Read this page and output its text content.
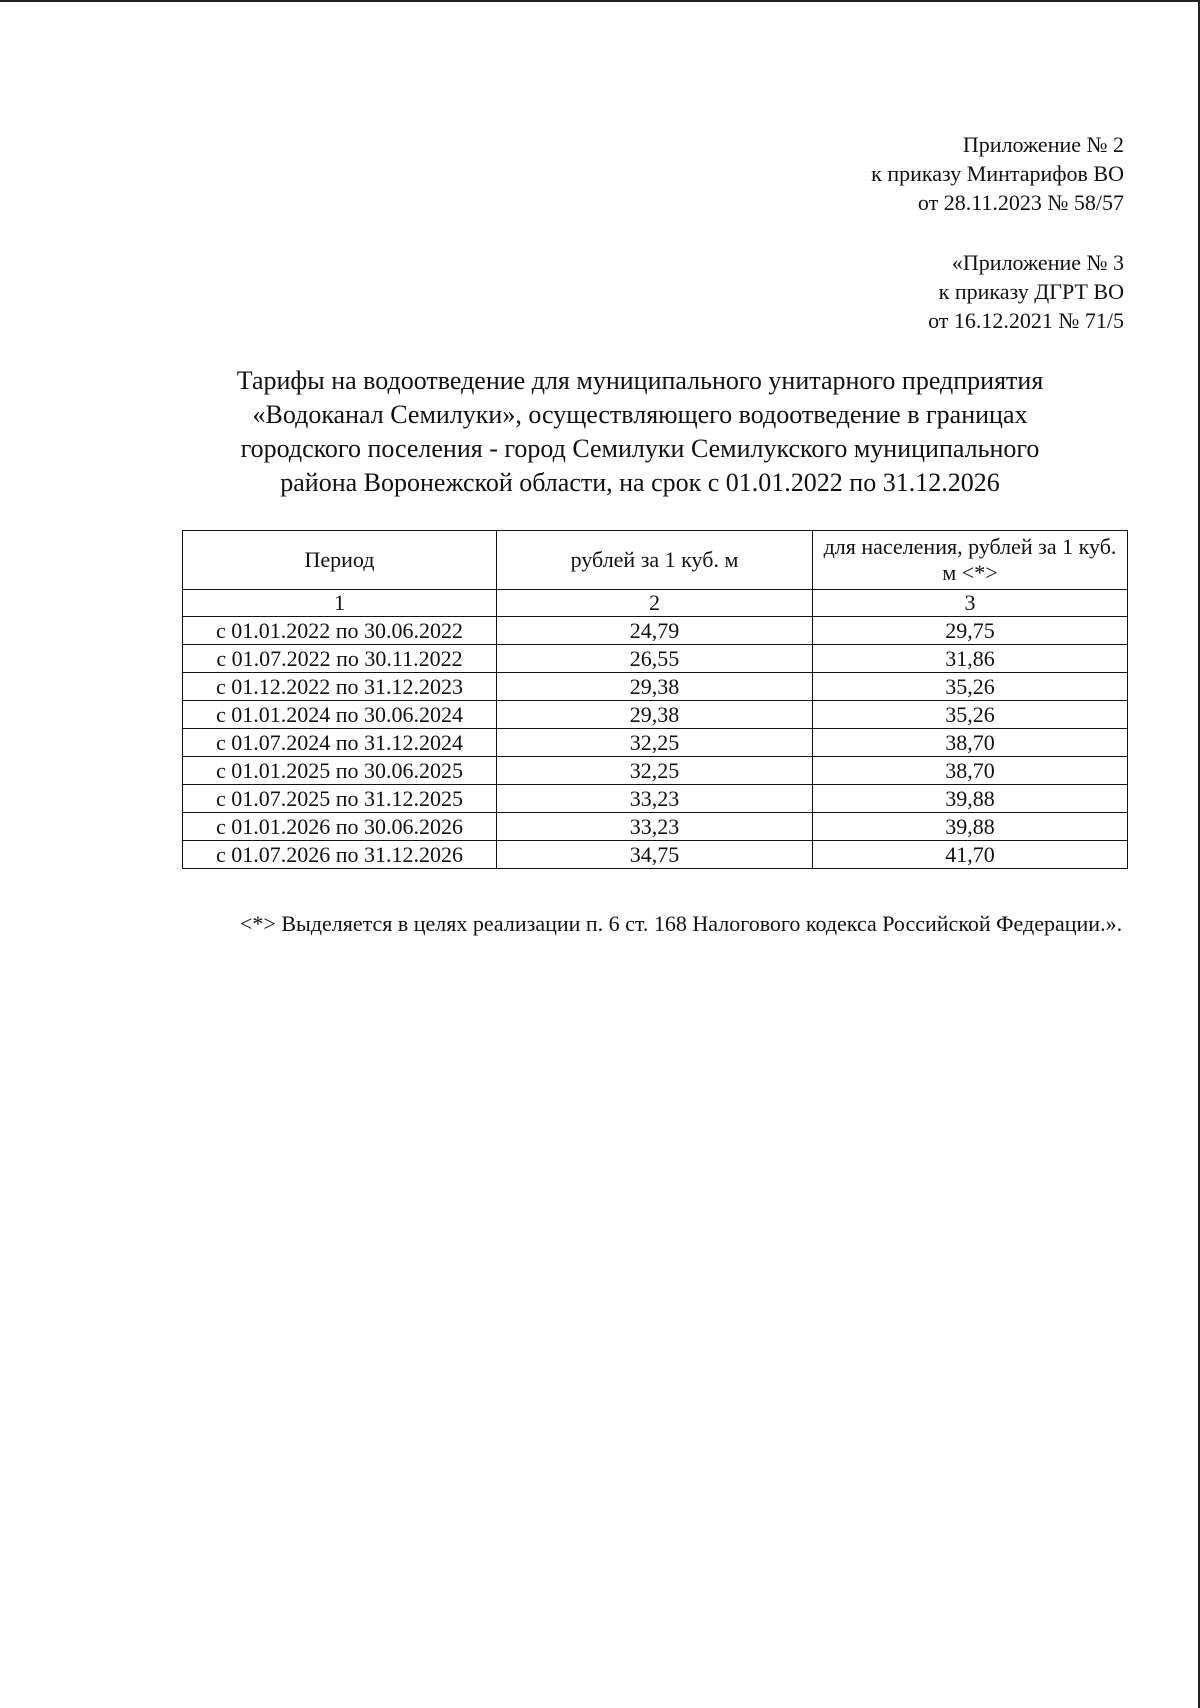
Приложение № 2
к приказу Минтарифов ВО
от 28.11.2023 № 58/57
«Приложение № 3
к приказу ДГРТ ВО
от 16.12.2021 № 71/5
Тарифы на водоотведение для муниципального унитарного предприятия
«Водоканал Семилуки», осуществляющего водоотведение в границах
городского поселения - город Семилуки Семилукского муниципального
района Воронежской области, на срок с 01.01.2022 по 31.12.2026
Период	рублей за 1 куб. м	для населения, рублей за 1 куб. м <*>
1	2	3
с 01.01.2022 по 30.06.2022	24,79	29,75
с 01.07.2022 по 30.11.2022	26,55	31,86
с 01.12.2022 по 31.12.2023	29,38	35,26
с 01.01.2024 по 30.06.2024	29,38	35,26
с 01.07.2024 по 31.12.2024	32,25	38,70
с 01.01.2025 по 30.06.2025	32,25	38,70
с 01.07.2025 по 31.12.2025	33,23	39,88
с 01.01.2026 по 30.06.2026	33,23	39,88
с 01.07.2026 по 31.12.2026	34,75	41,70
<*> Выделяется в целях реализации п. 6 ст. 168 Налогового кодекса Российской Федерации.».
